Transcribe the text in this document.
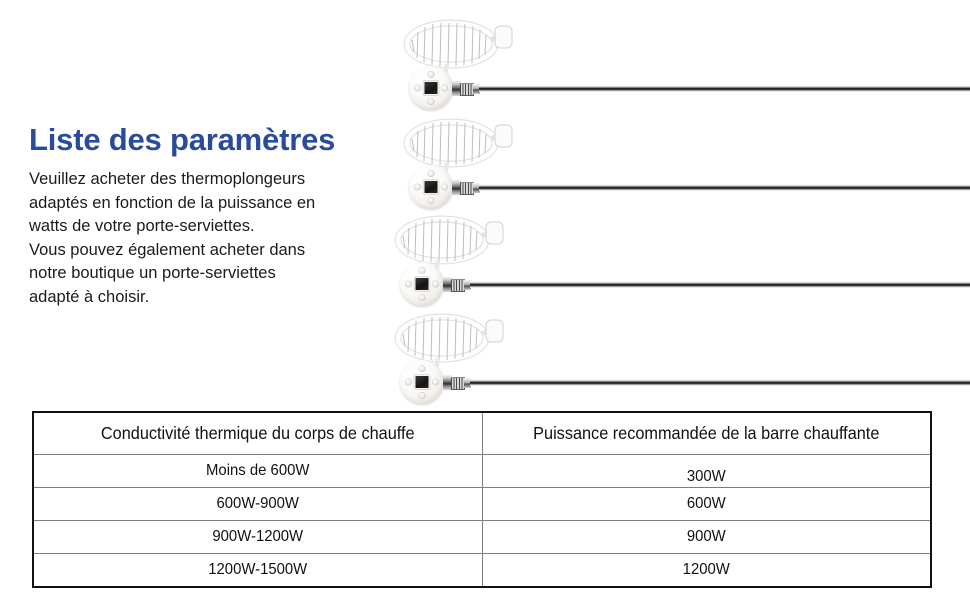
Liste des paramètres

Veuillez acheter des thermoplongeurs

adaptés en fonction de la puissance en

watts de votre porte-serviettes.

Vous pouvez également acheter dans

notre boutique un porte-serviettes

adapté à choisir.

Conductivité thermique du corps de chauffe	Puissance recommandée de la barre chauffante
Moins de 600W	300W

600W-900W	600W
900W-1200W	900W
1200W-1500W	1200W
